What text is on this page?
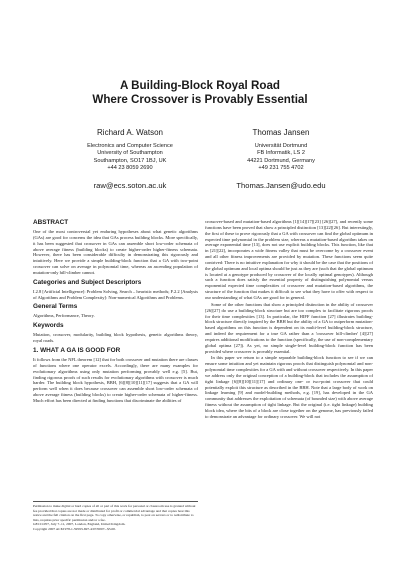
A Building-Block Royal Road
Where Crossover is Provably Essential
Richard A. Watson
Electronics and Computer Science
University of Southampton
Southampton, SO17 1BJ, UK
+44 23 8059 2690
raw@ecs.soton.ac.uk
Thomas Jansen
Universität Dortmund
FB Informatik, LS 2
44221 Dortmund, Germany
+49 231 755 4702
Thomas.Jansen@udo.edu
ABSTRACT

One of the most controversial yet enduring hypotheses about what genetic algorithms (GAs) are good for concerns the idea that GAs process building blocks. More specifically, it has been suggested that crossover in GAs can assemble short low-order schemata of above average fitness (building blocks) to create higher-order higher-fitness schemata. However, there has been considerable difficulty in demonstrating this rigorously and intuitively. Here we provide a simple building-block function that a GA with two-point crossover can solve on average in polynomial time, whereas an ascending population of mutation-only hill-climber cannot.

Categories and Subject Descriptors

I.2.8 [Artificial Intelligence]: Problem Solving, Search – heuristic methods; F.2.2 [Analysis of Algorithms and Problem Complexity]: Non-numerical Algorithms and Problems.

General Terms

Algorithms, Performance, Theory.

Keywords

Mutation, crossover, modularity, building block hypothesis, genetic algorithms theory, royal roads.

1. WHAT A GA IS GOOD FOR

It follows from the NFL theorem [12] that for both crossover and mutation there are classes of functions where one operator excels. Accordingly, there are many examples for evolutionary algorithms using only mutation performing provably well e.g. [5]. But, finding rigorous proofs of such results for evolutionary algorithms with crossover is much harder. The building block hypothesis, BBH, [6][8][10][11][17] suggests that a GA will perform well when it does because crossover can assemble short low-order schemata of above average fitness (building blocks) to create higher-order schemata of higher-fitness. Much effort has been directed at finding functions that discriminate the abilities of

Permission to make digital or hard copies of all or part of this work for personal or classroom use is granted without fee provided that copies are not made or distributed for profit or commercial advantage and that copies bear this notice and the full citation on the first page. To copy otherwise, or republish, to post on servers or to redistribute to lists, requires prior specific permission and/or a fee.

GECCO'07, July 7–11, 2007, London, England, United Kingdom.

Copyright 2007 ACM 978-1-59593-697-4/07/0007...$5.00.

crossover-based and mutation-based algorithms [1][14][17][23] [26][27], and recently some functions have been proved that show a principled distinction [13][22][26]. But interestingly, the first of these to prove rigorously that a GA with crossover can find the global optimum in expected time polynomial in the problem size, whereas a mutation-based algorithm takes on average exponential time [13], does not use explicit building blocks. This function, like that in [21][22], incorporates a wide fitness valley that must be overcome by a crossover event and all other fitness improvements are provided by mutation. These functions seem quite contrived: There is no intuitive explanation for why it should be the case that the positions of the global optimum and local optima should be just as they are (such that the global optimum is located at a genotype produced by crossover of the locally optimal genotypes). Although such a function does satisfy the essential property of distinguishing polynomial versus exponential expected time complexities of crossover and mutation-based algorithms, the structure of the function that makes it difficult to see what they have to offer with respect to our understanding of what GAs are good for in general.

Some of the other functions that show a principled distinction in the ability of crossover [26][27] do use a building-block structure but are too complex to facilitate rigorous proofs for their time complexities [13]. In particular, the HIFF function [27] illustrates building-block structure directly inspired by the BBH but the ability of a GA to outperform mutation-based algorithms on this function is dependent on its multi-level building-block structure, and indeed the requirement for a true GA rather than a 'crossover hill-climber' [4][27] requires additional modifications to the function (specifically, the use of non-complementary global optima [27]). As yet, no simple single-level building-block function has been provided where crossover is provably essential.

In this paper we return to a simple separable building-block function to see if we can ensure some intuition and yet maintain rigorous proofs that distinguish polynomial and non-polynomial time complexities for a GA with and without crossover respectively. In this paper we address only the original conception of a building-block that includes the assumption of tight linkage [6][8][10][11][17] and ordinary one- or two-point crossover that could potentially exploit this structure as described in the BBH. Note that a large body of work on linkage learning [9] and model-building methods, e.g. [19], has developed in the GA community that addresses the exploitation of schemata (of bounded size) with above average fitness without the assumption of tight linkage. But the original (i.e. tight linkage) building block idea, where the bits of a block are close together on the genome, has previously failed to demonstrate an advantage for ordinary crossover. We will not
